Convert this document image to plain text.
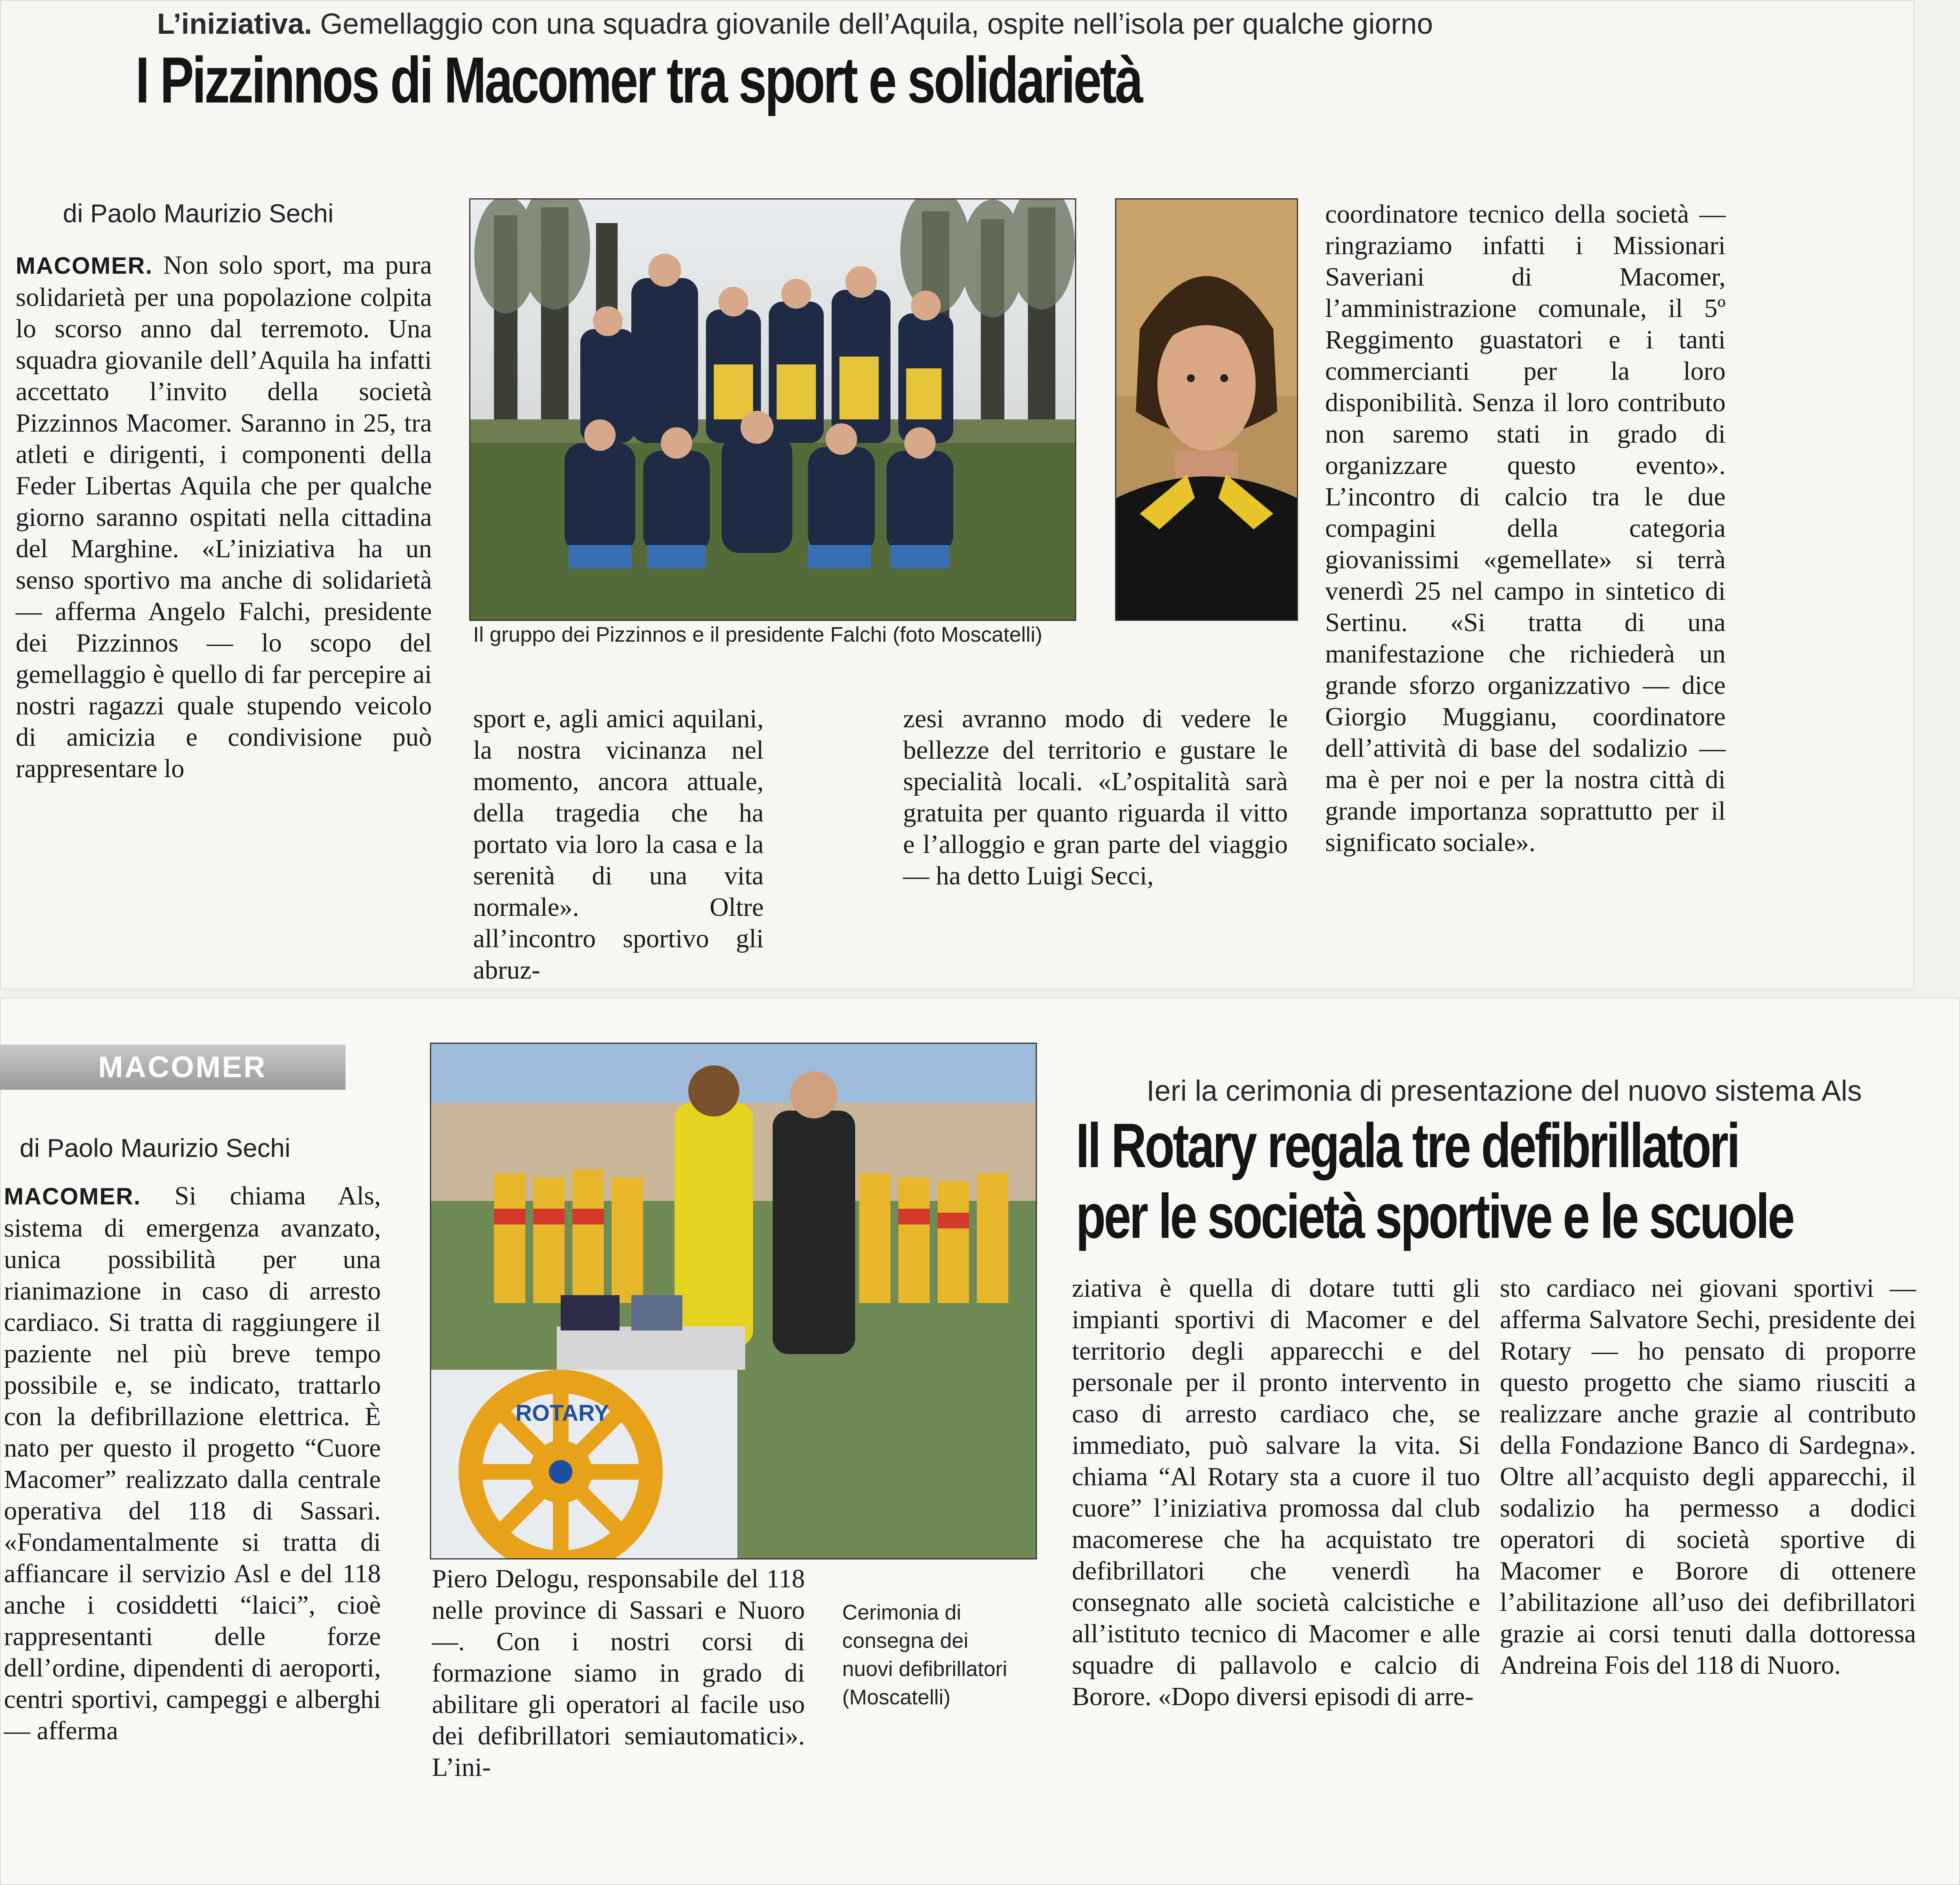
L’iniziativa. Gemellaggio con una squadra giovanile dell’Aquila, ospite nell’isola per qualche giorno
I Pizzinnos di Macomer tra sport e solidarietà
di Paolo Maurizio Sechi
MACOMER. Non solo sport, ma pura solidarietà per una popolazione colpita lo scorso anno dal terremoto. Una squadra giovanile dell’Aquila ha infatti accettato l’invito della società Pizzinnos Macomer. Saranno in 25, tra atleti e dirigenti, i componenti della Feder Libertas Aquila che per qualche giorno saranno ospitati nella cittadina del Marghine. «L’iniziativa ha un senso sportivo ma anche di solidarietà — afferma Angelo Falchi, presidente dei Pizzinnos — lo scopo del gemellaggio è quello di far percepire ai nostri ragazzi quale stupendo veicolo di amicizia e condivisione può rappresentare lo
Il gruppo dei Pizzinnos e il presidente Falchi (foto Moscatelli)
sport e, agli amici aquilani, la nostra vicinanza nel momento, ancora attuale, della tragedia che ha portato via loro la casa e la serenità di una vita normale». Oltre all’incontro sportivo gli abruz-
zesi avranno modo di vedere le bellezze del territorio e gustare le specialità locali. «L’ospitalità sarà gratuita per quanto riguarda il vitto e l’alloggio e gran parte del viaggio — ha detto Luigi Secci,
coordinatore tecnico della società — ringraziamo infatti i Missionari Saveriani di Macomer, l’amministrazione comunale, il 5º Reggimento guastatori e i tanti commercianti per la loro disponibilità. Senza il loro contributo non saremo stati in grado di organizzare questo evento». L’incontro di calcio tra le due compagini della categoria giovanissimi «gemellate» si terrà venerdì 25 nel campo in sintetico di Sertinu. «Si tratta di una manifestazione che richiederà un grande sforzo organizzativo — dice Giorgio Muggianu, coordinatore dell’attività di base del sodalizio — ma è per noi e per la nostra città di grande importanza soprattutto per il significato sociale».
MACOMER
Ieri la cerimonia di presentazione del nuovo sistema Als
Il Rotary regala tre defibrillatori
per le società sportive e le scuole
di Paolo Maurizio Sechi
MACOMER. Si chiama Als, sistema di emergenza avanzato, unica possibilità per una rianimazione in caso di arresto cardiaco. Si tratta di raggiungere il paziente nel più breve tempo possibile e, se indicato, trattarlo con la defibrillazione elettrica. È nato per questo il progetto “Cuore Macomer” realizzato dalla centrale operativa del 118 di Sassari. «Fondamentalmente si tratta di affiancare il servizio Asl e del 118 anche i cosiddetti “laici”, cioè rappresentanti delle forze dell’ordine, dipendenti di aeroporti, centri sportivi, campeggi e alberghi — afferma
ROTARY
Piero Delogu, responsabile del 118 nelle province di Sassari e Nuoro —. Con i nostri corsi di formazione siamo in grado di abilitare gli operatori al facile uso dei defibrillatori semiautomatici». L’ini-
Cerimonia di consegna dei nuovi defibrillatori
(Moscatelli)
ziativa è quella di dotare tutti gli impianti sportivi di Macomer e del territorio degli apparecchi e del personale per il pronto intervento in caso di arresto cardiaco che, se immediato, può salvare la vita. Si chiama “Al Rotary sta a cuore il tuo cuore” l’iniziativa promossa dal club macomerese che ha acquistato tre defibrillatori che venerdì ha consegnato alle società calcistiche e all’istituto tecnico di Macomer e alle squadre di pallavolo e calcio di Borore. «Dopo diversi episodi di arre-
sto cardiaco nei giovani sportivi — afferma Salvatore Sechi, presidente dei Rotary — ho pensato di proporre questo progetto che siamo riusciti a realizzare anche grazie al contributo della Fondazione Banco di Sardegna». Oltre all’acquisto degli apparecchi, il sodalizio ha permesso a dodici operatori di società sportive di Macomer e Borore di ottenere l’abilitazione all’uso dei defibrillatori grazie ai corsi tenuti dalla dottoressa Andreina Fois del 118 di Nuoro.
